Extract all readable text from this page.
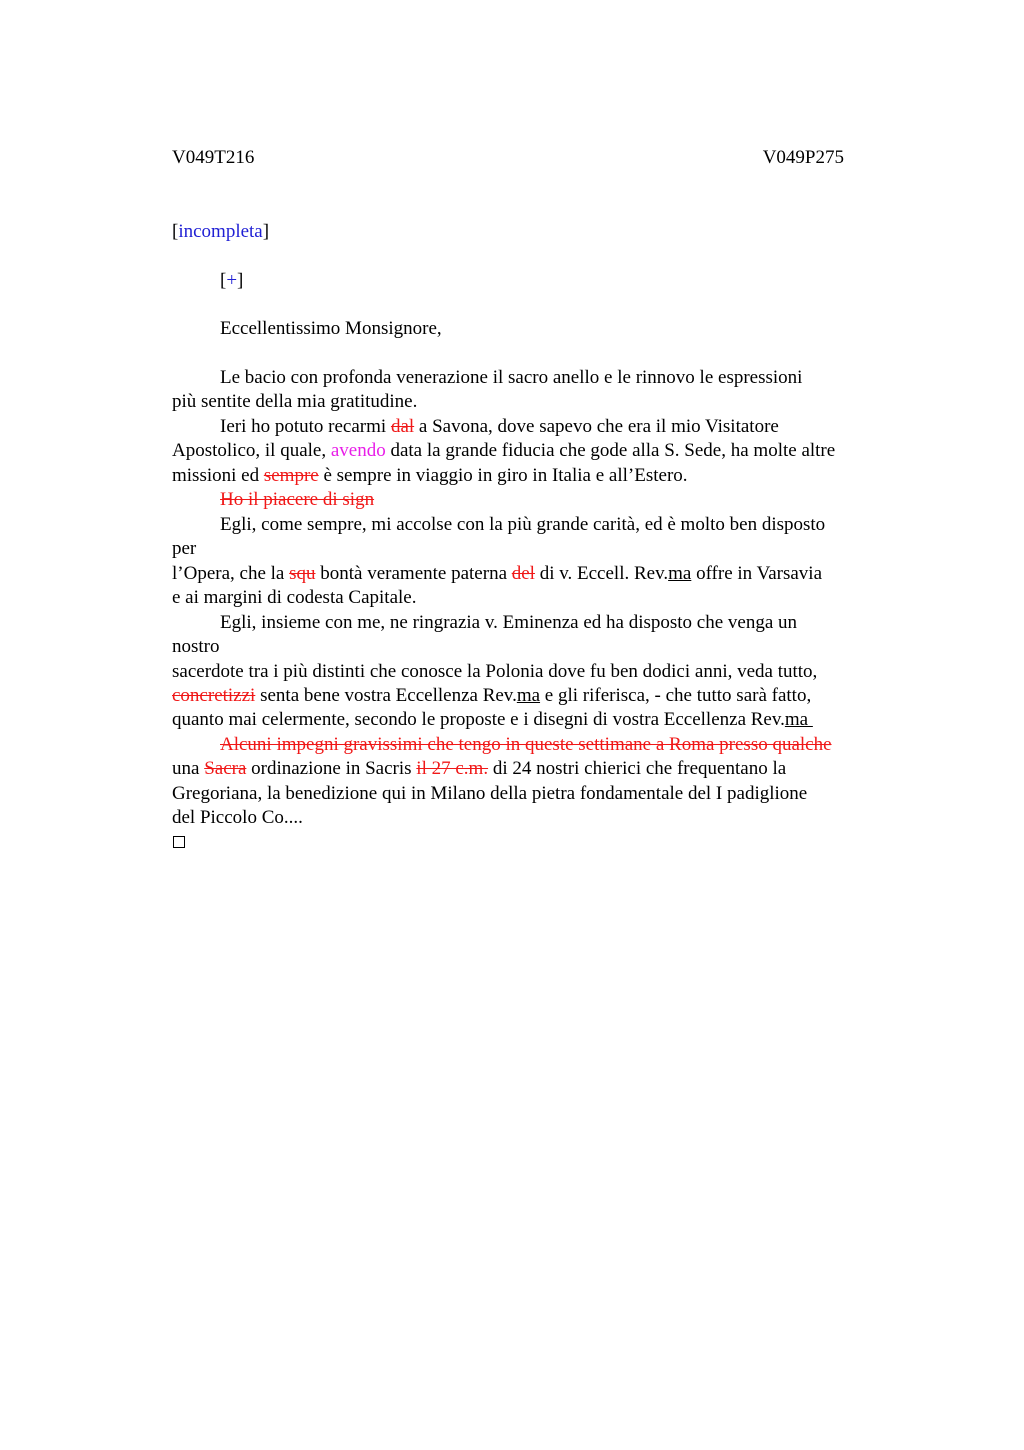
V049T216	V049P275
[incompleta]
[+]
Eccellentissimo Monsignore,
Le bacio con profonda venerazione il sacro anello e le rinnovo le espressioni
più sentite della mia gratitudine.
Ieri ho potuto recarmi dal a Savona, dove sapevo che era il mio Visitatore
Apostolico, il quale, avendo data la grande fiducia che gode alla S. Sede, ha molte altre
missioni ed sempre è sempre in viaggio in giro in Italia e all’Estero.
Ho il piacere di sign
Egli, come sempre, mi accolse con la più grande carità, ed è molto ben disposto
per
l’Opera, che la squ bontà veramente paterna del di v. Eccell. Rev.ma offre in Varsavia
e ai margini di codesta Capitale.
Egli, insieme con me, ne ringrazia v. Eminenza ed ha disposto che venga un
nostro
sacerdote tra i più distinti che conosce la Polonia dove fu ben dodici anni, veda tutto,
concretizzi senta bene vostra Eccellenza Rev.ma e gli riferisca, - che tutto sarà fatto,
quanto mai celermente, secondo le proposte e i disegni di vostra Eccellenza Rev.ma
Alcuni impegni gravissimi che tengo in queste settimane a Roma presso qualche
una Sacra ordinazione in Sacris il 27 c.m. di 24 nostri chierici che frequentano la
Gregoriana, la benedizione qui in Milano della pietra fondamentale del I padiglione
del Piccolo Co....
